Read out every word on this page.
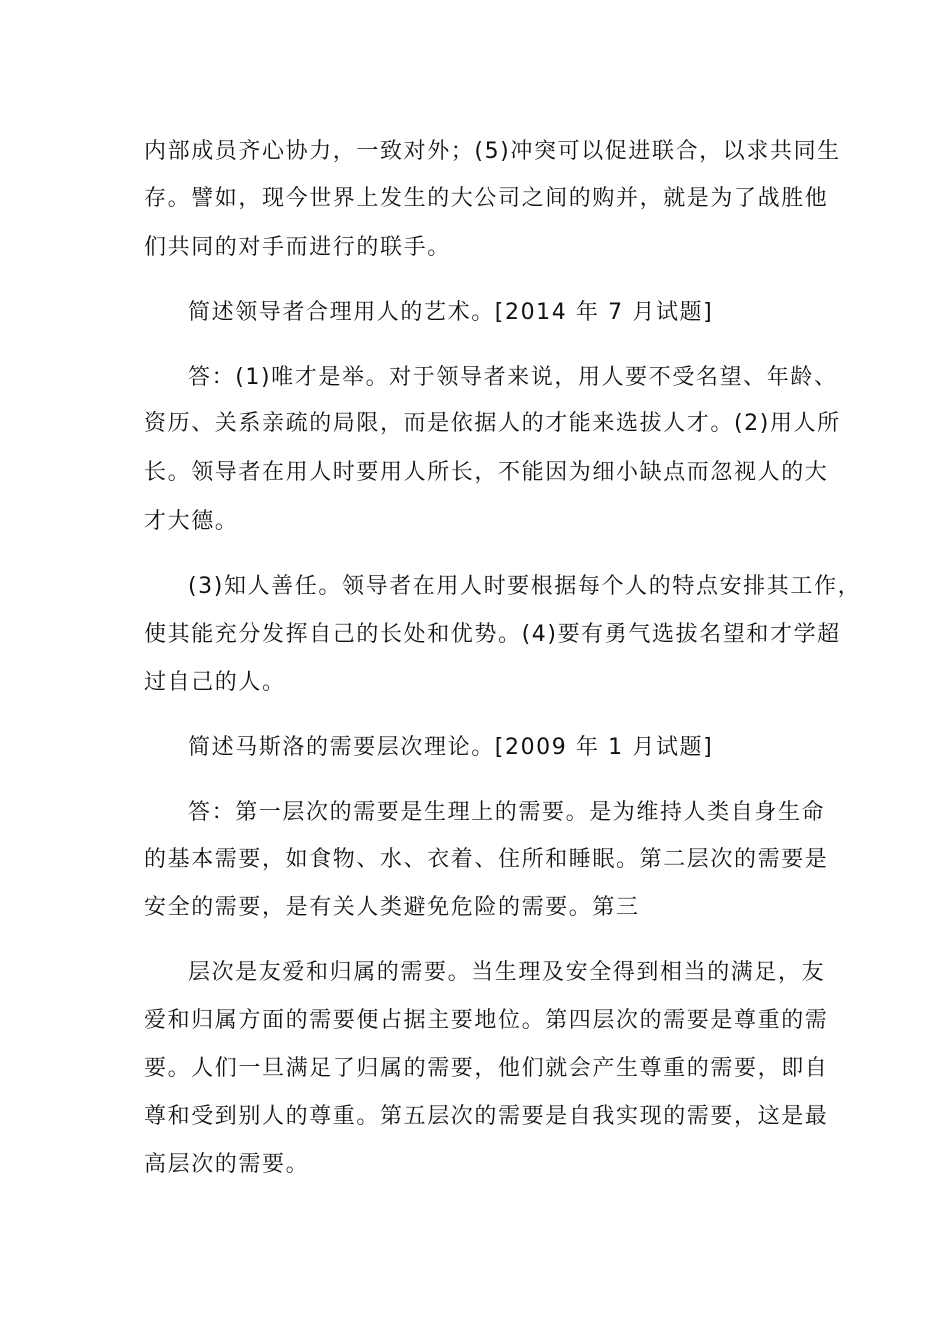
内部成员齐心协力，一致对外；(5)冲突可以促进联合，以求共同生
存。譬如，现今世界上发生的大公司之间的购并，就是为了战胜他
们共同的对手而进行的联手。
简述领导者合理用人的艺术。[2014 年 7 月试题]
答：(1)唯才是举。对于领导者来说，用人要不受名望、年龄、
资历、关系亲疏的局限，而是依据人的才能来选拔人才。(2)用人所
长。领导者在用人时要用人所长，不能因为细小缺点而忽视人的大
才大德。
(3)知人善任。领导者在用人时要根据每个人的特点安排其工作，
使其能充分发挥自己的长处和优势。(4)要有勇气选拔名望和才学超
过自己的人。
简述马斯洛的需要层次理论。[2009 年 1 月试题]
答：第一层次的需要是生理上的需要。是为维持人类自身生命
的基本需要，如食物、水、衣着、住所和睡眠。第二层次的需要是
安全的需要，是有关人类避免危险的需要。第三
层次是友爱和归属的需要。当生理及安全得到相当的满足，友
爱和归属方面的需要便占据主要地位。第四层次的需要是尊重的需
要。人们一旦满足了归属的需要，他们就会产生尊重的需要，即自
尊和受到别人的尊重。第五层次的需要是自我实现的需要，这是最
高层次的需要。
